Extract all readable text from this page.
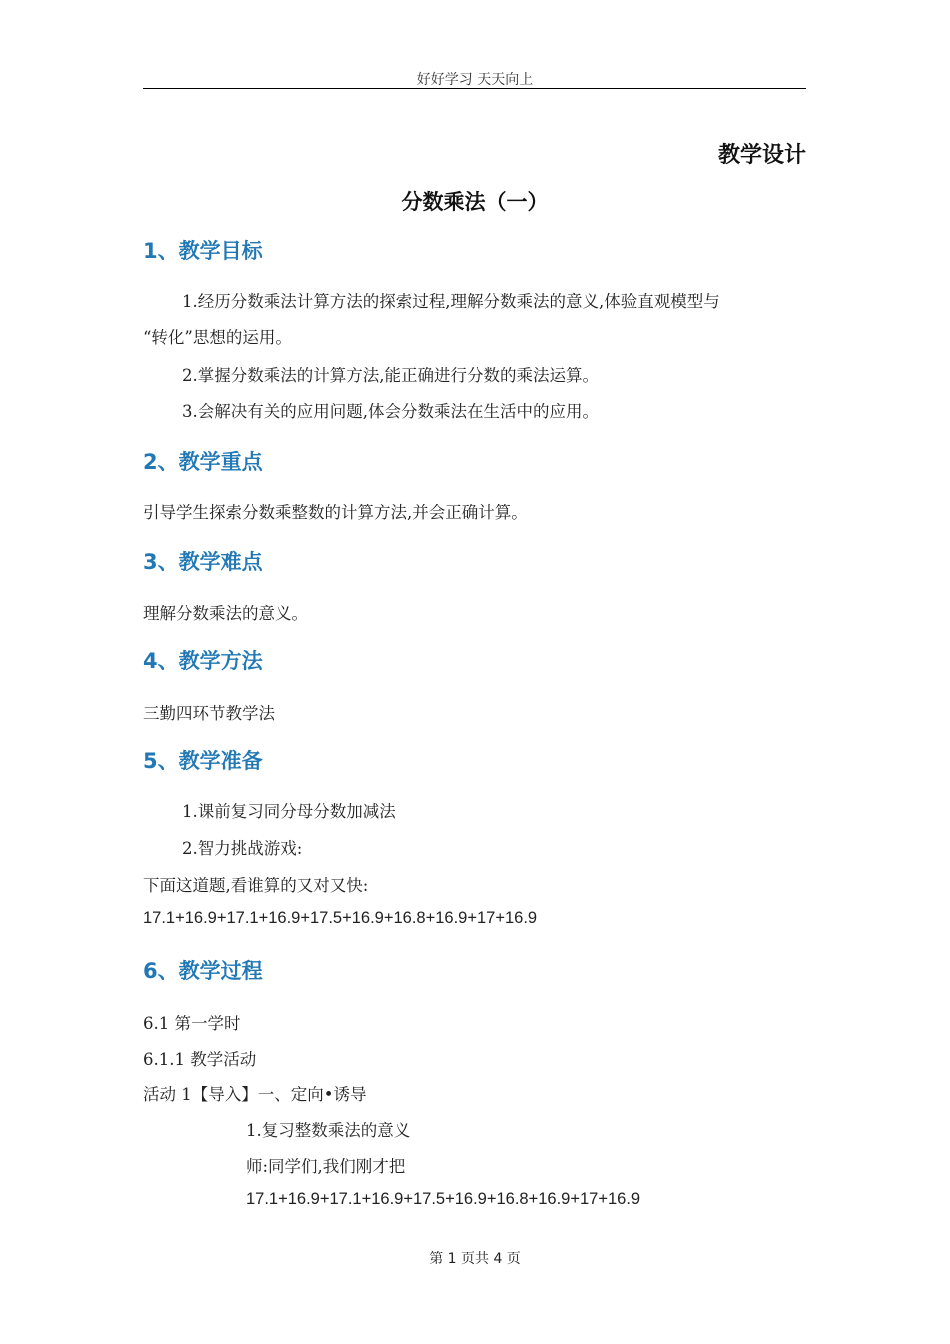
好好学习 天天向上
教学设计
分数乘法（一）
1、教学目标
1.经历分数乘法计算方法的探索过程,理解分数乘法的意义,体验直观模型与
“转化”思想的运用。
2.掌握分数乘法的计算方法,能正确进行分数的乘法运算。
3.会解决有关的应用问题,体会分数乘法在生活中的应用。
2、教学重点
引导学生探索分数乘整数的计算方法,并会正确计算。
3、教学难点
理解分数乘法的意义。
4、教学方法
三勤四环节教学法
5、教学准备
1.课前复习同分母分数加减法
2.智力挑战游戏:
下面这道题,看谁算的又对又快:
17.1+16.9+17.1+16.9+17.5+16.9+16.8+16.9+17+16.9
6、教学过程
6.1 第一学时
6.1.1 教学活动
活动 1【导入】一、定向•诱导
1.复习整数乘法的意义
师:同学们,我们刚才把
17.1+16.9+17.1+16.9+17.5+16.9+16.8+16.9+17+16.9
第 1 页共 4 页
